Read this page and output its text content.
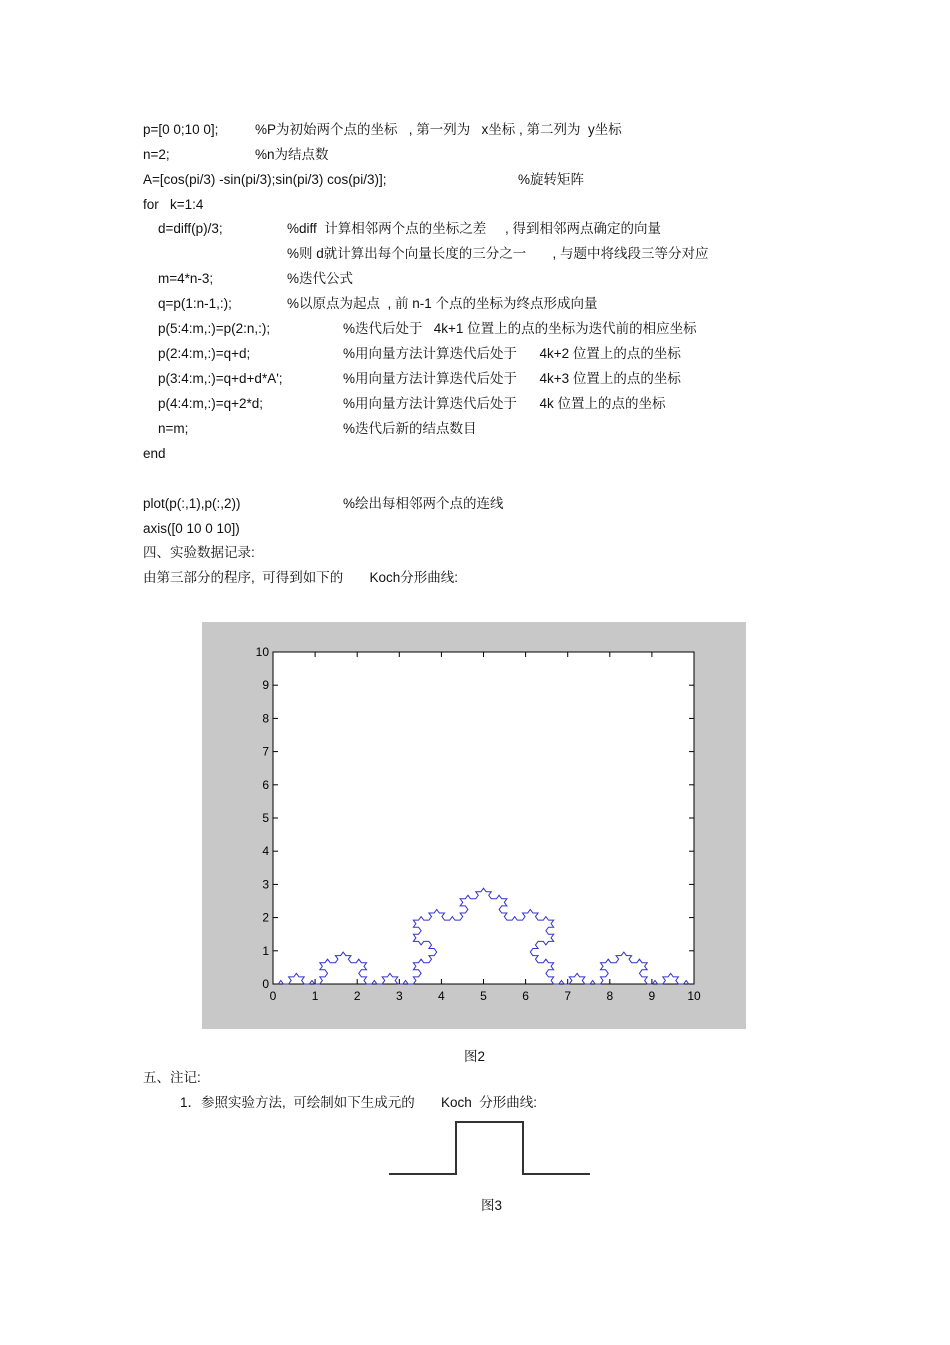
p=[0 0;10 0];	%P为初始两个点的坐标   , 第一列为   x坐标 , 第二列为  y坐标
n=2;	%n为结点数
A=[cos(pi/3) -sin(pi/3);sin(pi/3) cos(pi/3)];	%旋转矩阵
for   k=1:4
d=diff(p)/3;	%diff  计算相邻两个点的坐标之差     , 得到相邻两点确定的向量
%则 d就计算出每个向量长度的三分之一       , 与题中将线段三等分对应
m=4*n-3;	%迭代公式
q=p(1:n-1,:);	%以原点为起点  , 前 n-1 个点的坐标为终点形成向量
p(5:4:m,:)=p(2:n,:);	%迭代后处于   4k+1 位置上的点的坐标为迭代前的相应坐标
p(2:4:m,:)=q+d;	%用向量方法计算迭代后处于      4k+2 位置上的点的坐标
p(3:4:m,:)=q+d+d*A';	%用向量方法计算迭代后处于      4k+3 位置上的点的坐标
p(4:4:m,:)=q+2*d;	%用向量方法计算迭代后处于      4k 位置上的点的坐标
n=m;	%迭代后新的结点数目
end
plot(p(:,1),p(:,2))	%绘出每相邻两个点的连线
axis([0 10 0 10])
四、实验数据记录:
由第三部分的程序,  可得到如下的       Koch分形曲线:
0	1	2	3	4	5	6	7	8	9	10
0
1
2
3
4
5
6
7
8
9
10
图2
五、注记:
1．参照实验方法,  可绘制如下生成元的       Koch  分形曲线:
图3
